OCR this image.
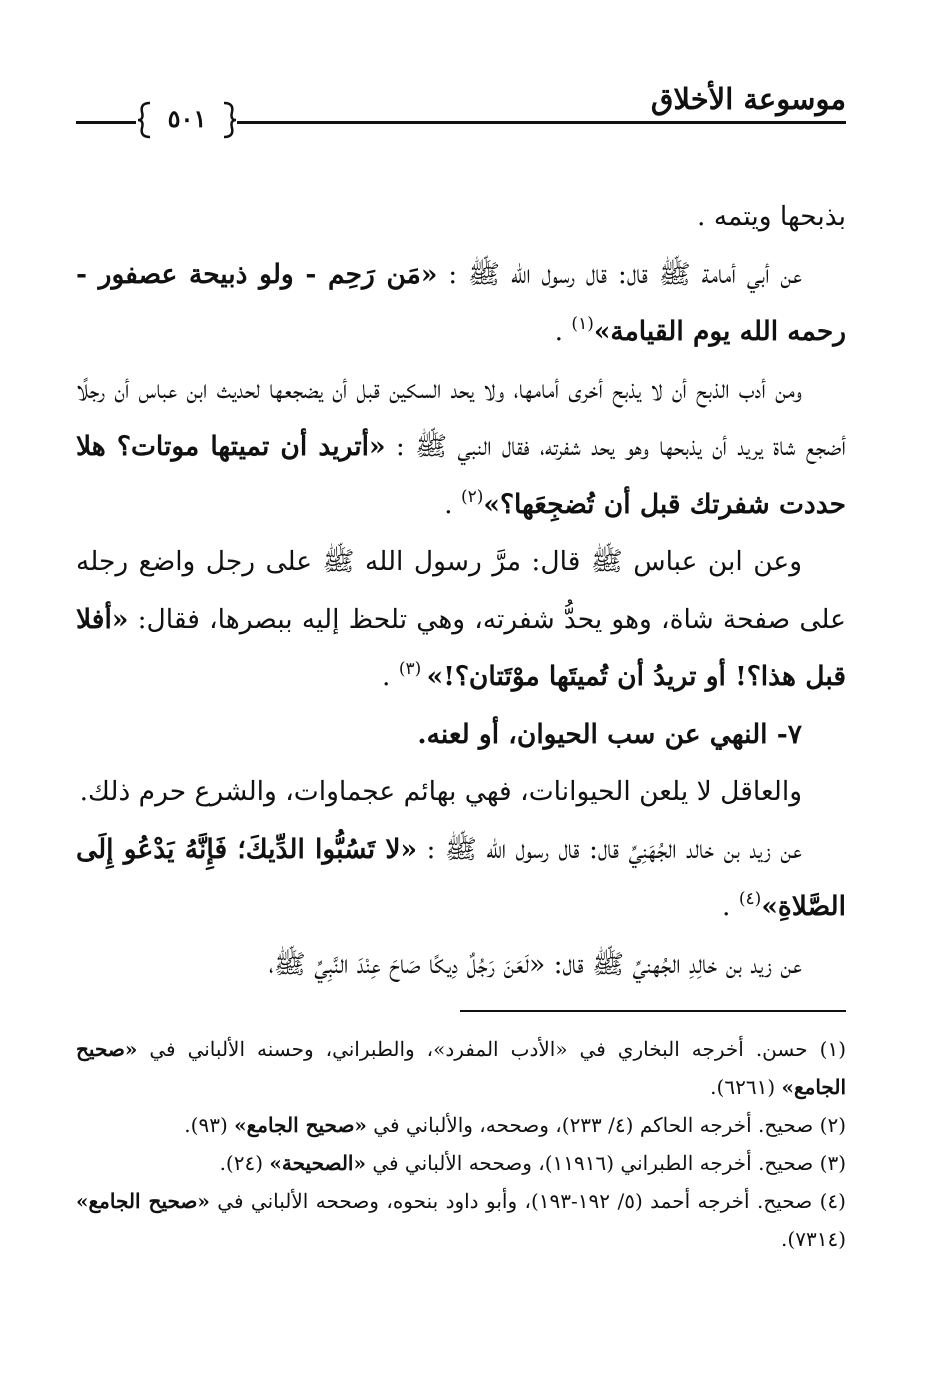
موسوعة الأخلاق
٥٠١

بذبحها ويتمه .

عن أبي أمامة ﷺ قال: قال رسول الله ﷺ : «مَن رَحِم - ولو ذبيحة عصفور - رحمه الله يوم القيامة»$^{(١)}$ .

ومن أدب الذبح أن لا يذبح أخرى أمامها، ولا يحد السكين قبل أن يضجعها لحديث ابن عباس أن رجلًا أضجع شاة يريد أن يذبحها وهو يحد شفرته، فقال النبي ﷺ : «أتريد أن تميتها موتات؟ هلا حددت شفرتك قبل أن تُضجِعَها؟»$^{(٢)}$ .

وعن ابن عباس ﷺ قال: مرَّ رسول الله ﷺ على رجل واضع رجله على صفحة شاة، وهو يحدُّ شفرته، وهي تلحظ إليه ببصرها، فقال: «أفلا قبل هذا؟! أو تريدُ أن تُميتَها موْتَتان؟!» $^{(٣)}$ .

٧- النهي عن سب الحيوان، أو لعنه.

والعاقل لا يلعن الحيوانات، فهي بهائم عجماوات، والشرع حرم ذلك.

عن زيد بن خالد الجُهَنِيِّ قال: قال رسول الله ﷺ : «لا تَسُبُّوا الدِّيكَ؛ فَإِنَّهُ يَدْعُو إِلَى الصَّلاةِ»$^{(٤)}$ .

عن زيد بن خالِدِ الجُهنيِّ ﷺ قال: «لَعَنَ رَجُلٌ دِيكًا صَاحَ عِنْدَ النَّبِيِّ ﷺ،

(١) حسن. أخرجه البخاري في «الأدب المفرد»، والطبراني، وحسنه الألباني في «صحيح الجامع» (٦٢٦١).

(٢) صحيح. أخرجه الحاكم (٤/ ٢٣٣)، وصححه، والألباني في «صحيح الجامع» (٩٣).

(٣) صحيح. أخرجه الطبراني (١١٩١٦)، وصححه الألباني في «الصحيحة» (٢٤).

(٤) صحيح. أخرجه أحمد (٥/ ١٩٢-١٩٣)، وأبو داود بنحوه، وصححه الألباني في «صحيح الجامع» (٧٣١٤).
